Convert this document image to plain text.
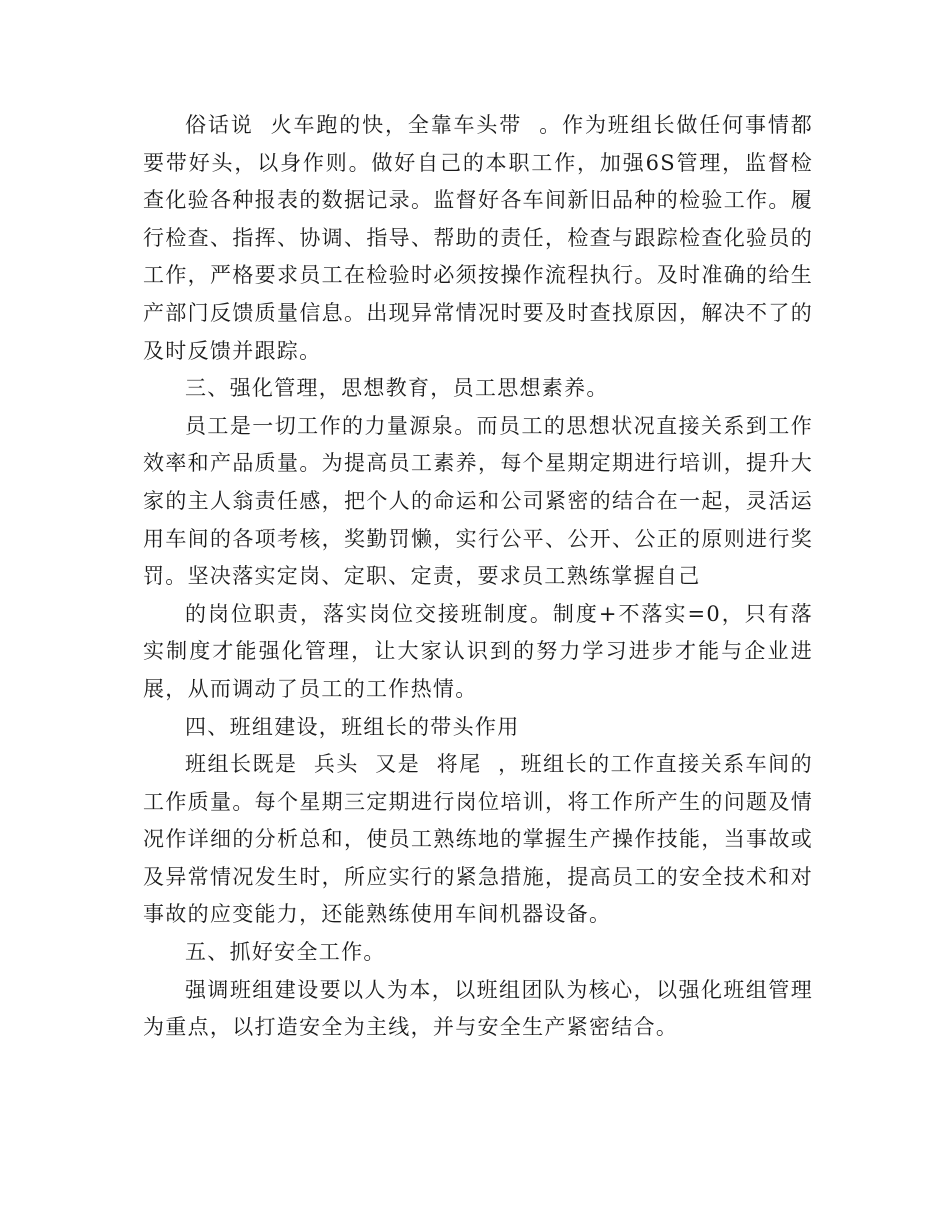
俗话说  火车跑的快，全靠车头带  。作为班组长做任何事情都要带好头，以身作则。做好自己的本职工作，加强6S管理，监督检查化验各种报表的数据记录。监督好各车间新旧品种的检验工作。履行检查、指挥、协调、指导、帮助的责任，检查与跟踪检查化验员的工作，严格要求员工在检验时必须按操作流程执行。及时准确的给生产部门反馈质量信息。出现异常情况时要及时查找原因，解决不了的及时反馈并跟踪。

三、强化管理，思想教育，员工思想素养。

员工是一切工作的力量源泉。而员工的思想状况直接关系到工作效率和产品质量。为提高员工素养，每个星期定期进行培训，提升大家的主人翁责任感，把个人的命运和公司紧密的结合在一起，灵活运用车间的各项考核，奖勤罚懒，实行公平、公开、公正的原则进行奖罚。坚决落实定岗、定职、定责，要求员工熟练掌握自己

的岗位职责，落实岗位交接班制度。制度+不落实=0，只有落实制度才能强化管理，让大家认识到的努力学习进步才能与企业进展，从而调动了员工的工作热情。

四、班组建设，班组长的带头作用

班组长既是  兵头  又是  将尾  ，班组长的工作直接关系车间的工作质量。每个星期三定期进行岗位培训，将工作所产生的问题及情况作详细的分析总和，使员工熟练地的掌握生产操作技能，当事故或及异常情况发生时，所应实行的紧急措施，提高员工的安全技术和对事故的应变能力，还能熟练使用车间机器设备。

五、抓好安全工作。

强调班组建设要以人为本，以班组团队为核心，以强化班组管理为重点，以打造安全为主线，并与安全生产紧密结合。
